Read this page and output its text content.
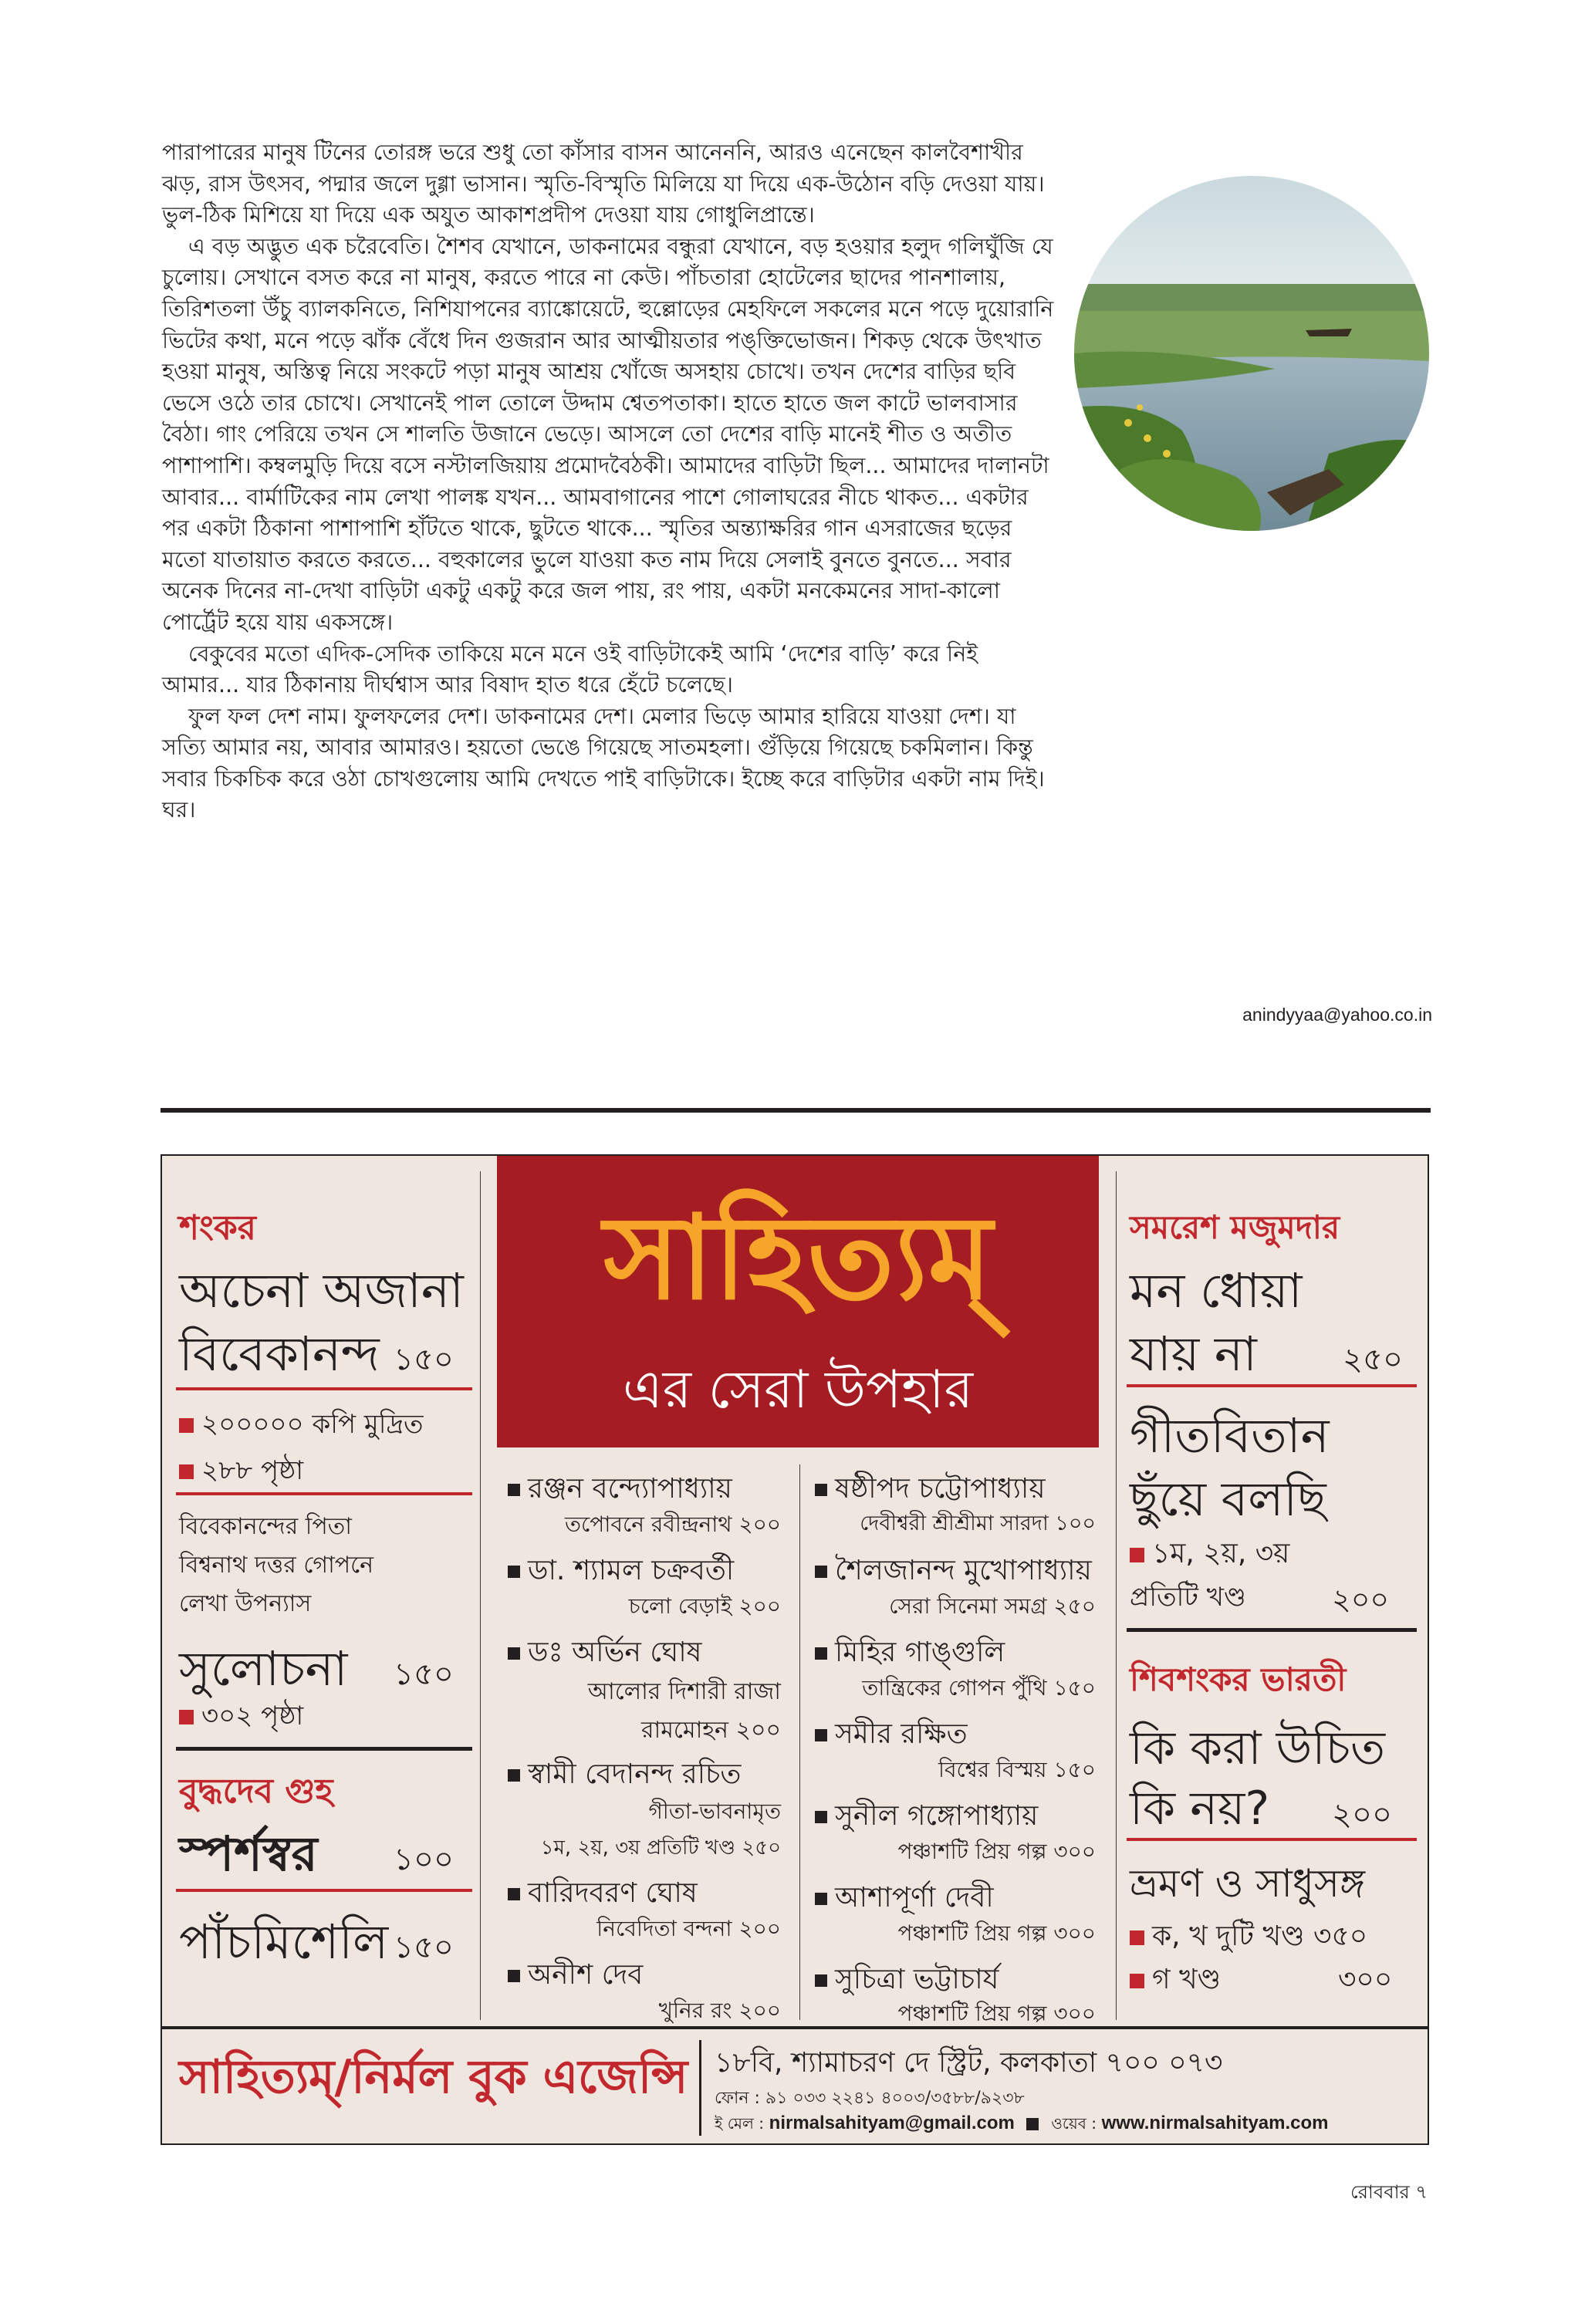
পারাপারের মানুষ টিনের তোরঙ্গ ভরে শুধু তো কাঁসার বাসন আনেননি, আরও এনেছেন কালবৈশাখীর ঝড়, রাস উৎসব, পদ্মার জলে দুগ্গা ভাসান। স্মৃতি-বিস্মৃতি মিলিয়ে যা দিয়ে এক-উঠোন বড়ি দেওয়া যায়। ভুল-ঠিক মিশিয়ে যা দিয়ে এক অযুত আকাশপ্রদীপ দেওয়া যায় গোধুলিপ্রান্তে।

এ বড় অদ্ভুত এক চরৈবেতি। শৈশব যেখানে, ডাকনামের বন্ধুরা যেখানে, বড় হওয়ার হলুদ গলিঘুঁজি যে চুলোয়। সেখানে বসত করে না মানুষ, করতে পারে না কেউ। পাঁচতারা হোটেলের ছাদের পানশালায়, তিরিশতলা উঁচু ব্যালকনিতে, নিশিযাপনের ব্যাঙ্কোয়েটে, হুল্লোড়ের মেহফিলে সকলের মনে পড়ে দুয়োরানি ভিটের কথা, মনে পড়ে ঝাঁক বেঁধে দিন গুজরান আর আত্মীয়তার পঙ্‌ক্তিভোজন। শিকড় থেকে উৎখাত হওয়া মানুষ, অস্তিত্ব নিয়ে সংকটে পড়া মানুষ আশ্রয় খোঁজে অসহায় চোখে। তখন দেশের বাড়ির ছবি ভেসে ওঠে তার চোখে। সেখানেই পাল তোলে উদ্দাম শ্বেতপতাকা। হাতে হাতে জল কাটে ভালবাসার বৈঠা। গাং পেরিয়ে তখন সে শালতি উজানে ভেড়ে। আসলে তো দেশের বাড়ি মানেই শীত ও অতীত পাশাপাশি। কম্বলমুড়ি দিয়ে বসে নস্টালজিয়ায় প্রমোদবৈঠকী। আমাদের বাড়িটা ছিল... আমাদের দালানটা আবার... বার্মাটিকের নাম লেখা পালঙ্ক যখন... আমবাগানের পাশে গোলাঘরের নীচে থাকত... একটার পর একটা ঠিকানা পাশাপাশি হাঁটতে থাকে, ছুটতে থাকে... স্মৃতির অন্ত্যাক্ষরির গান এসরাজের ছড়ের মতো যাতায়াত করতে করতে... বহুকালের ভুলে যাওয়া কত নাম দিয়ে সেলাই বুনতে বুনতে... সবার অনেক দিনের না-দেখা বাড়িটা একটু একটু করে জল পায়, রং পায়, একটা মনকেমনের সাদা-কালো পোর্ট্রেট হয়ে যায় একসঙ্গে।

বেকুবের মতো এদিক-সেদিক তাকিয়ে মনে মনে ওই বাড়িটাকেই আমি ‘দেশের বাড়ি’ করে নিই আমার... যার ঠিকানায় দীর্ঘশ্বাস আর বিষাদ হাত ধরে হেঁটে চলেছে।

ফুল ফল দেশ নাম। ফুলফলের দেশ। ডাকনামের দেশ। মেলার ভিড়ে আমার হারিয়ে যাওয়া দেশ। যা সত্যি আমার নয়, আবার আমারও। হয়তো ভেঙে গিয়েছে সাতমহলা। গুঁড়িয়ে গিয়েছে চকমিলান। কিন্তু সবার চিকচিক করে ওঠা চোখগুলোয় আমি দেখতে পাই বাড়িটাকে। ইচ্ছে করে বাড়িটার একটা নাম দিই। ঘর।

anindyyaa@yahoo.co.in
সাহিত্যম্
এর সেরা উপহার
শংকর
অচেনা অজানা
বিবেকানন্দ ১৫০
২০০০০০ কপি মুদ্রিত
২৮৮ পৃষ্ঠা
বিবেকানন্দের পিতা
বিশ্বনাথ দত্তর গোপনে
লেখা উপন্যাস
সুলোচনা ১৫০
৩০২ পৃষ্ঠা
বুদ্ধদেব গুহ
স্পর্শস্বর ১০০
পাঁচমিশেলি ১৫০
রঞ্জন বন্দ্যোপাধ্যায়
তপোবনে রবীন্দ্রনাথ ২০০
ডা. শ্যামল চক্রবর্তী
চলো বেড়াই ২০০
ডঃ অর্ভিন ঘোষ
আলোর দিশারী রাজা
রামমোহন ২০০
স্বামী বেদানন্দ রচিত
গীতা-ভাবনামৃত
১ম, ২য়, ৩য় প্রতিটি খণ্ড ২৫০
বারিদবরণ ঘোষ
নিবেদিতা বন্দনা ২০০
অনীশ দেব
খুনির রং ২০০
ষষ্ঠীপদ চট্টোপাধ্যায়
দেবীশ্বরী শ্রীশ্রীমা সারদা ১০০
শৈলজানন্দ মুখোপাধ্যায়
সেরা সিনেমা সমগ্র ২৫০
মিহির গাঙ্গুলি
তান্ত্রিকের গোপন পুঁথি ১৫০
সমীর রক্ষিত
বিশ্বের বিস্ময় ১৫০
সুনীল গঙ্গোপাধ্যায়
পঞ্চাশটি প্রিয় গল্প ৩০০
আশাপূর্ণা দেবী
পঞ্চাশটি প্রিয় গল্প ৩০০
সুচিত্রা ভট্টাচার্য
পঞ্চাশটি প্রিয় গল্প ৩০০
সমরেশ মজুমদার
মন ধোয়া
যায় না	২৫০
গীতবিতান
ছুঁয়ে বলছি
১ম, ২য়, ৩য়
প্রতিটি খণ্ড	২০০
শিবশংকর ভারতী
কি করা উচিত
কি নয়? ২০০
ভ্রমণ ও সাধুসঙ্গ
ক, খ দুটি খণ্ড ৩৫০
গ খণ্ড	৩০০
সাহিত্যম্/নির্মল বুক এজেন্সি ১৮বি, শ্যামাচরণ দে স্ট্রিট, কলকাতা ৭০০ ০৭৩
ফোন : ৯১ ০৩৩ ২২৪১ ৪০০৩/৩৫৮৮/৯২৩৮
ই মেল : nirmalsahityam@gmail.com ওয়েব : www.nirmalsahityam.com
রোববার ৭
